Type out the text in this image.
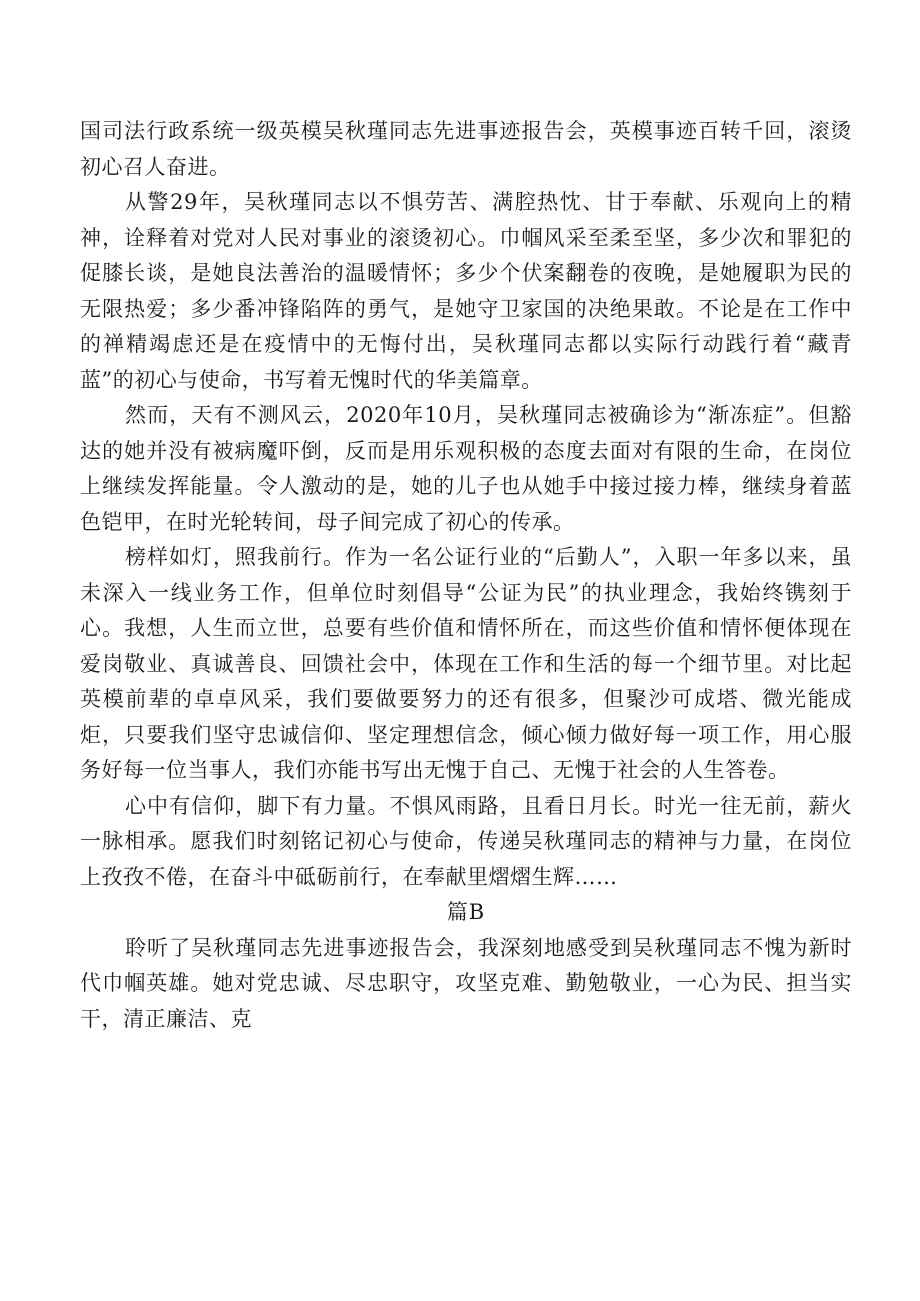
国司法行政系统一级英模吴秋瑾同志先进事迹报告会，英模事迹百转千回，滚烫初心召人奋进。

从警29年，吴秋瑾同志以不惧劳苦、满腔热忱、甘于奉献、乐观向上的精神，诠释着对党对人民对事业的滚烫初心。巾帼风采至柔至坚，多少次和罪犯的促膝长谈，是她良法善治的温暖情怀；多少个伏案翻卷的夜晚，是她履职为民的无限热爱；多少番冲锋陷阵的勇气，是她守卫家国的决绝果敢。不论是在工作中的禅精竭虑还是在疫情中的无悔付出，吴秋瑾同志都以实际行动践行着“藏青蓝”的初心与使命，书写着无愧时代的华美篇章。

然而，天有不测风云，2020年10月，吴秋瑾同志被确诊为“渐冻症”。但豁达的她并没有被病魔吓倒，反而是用乐观积极的态度去面对有限的生命，在岗位上继续发挥能量。令人激动的是，她的儿子也从她手中接过接力棒，继续身着蓝色铠甲，在时光轮转间，母子间完成了初心的传承。

榜样如灯，照我前行。作为一名公证行业的“后勤人”，入职一年多以来，虽未深入一线业务工作，但单位时刻倡导“公证为民”的执业理念，我始终镌刻于心。我想，人生而立世，总要有些价值和情怀所在，而这些价值和情怀便体现在爱岗敬业、真诚善良、回馈社会中，体现在工作和生活的每一个细节里。对比起英模前辈的卓卓风采，我们要做要努力的还有很多，但聚沙可成塔、微光能成炬，只要我们坚守忠诚信仰、坚定理想信念，倾心倾力做好每一项工作，用心服务好每一位当事人，我们亦能书写出无愧于自己、无愧于社会的人生答卷。

心中有信仰，脚下有力量。不惧风雨路，且看日月长。时光一往无前，薪火一脉相承。愿我们时刻铭记初心与使命，传递吴秋瑾同志的精神与力量，在岗位上孜孜不倦，在奋斗中砥砺前行，在奉献里熠熠生辉……

篇B

聆听了吴秋瑾同志先进事迹报告会，我深刻地感受到吴秋瑾同志不愧为新时代巾帼英雄。她对党忠诚、尽忠职守，攻坚克难、勤勉敬业，一心为民、担当实干，清正廉洁、克
